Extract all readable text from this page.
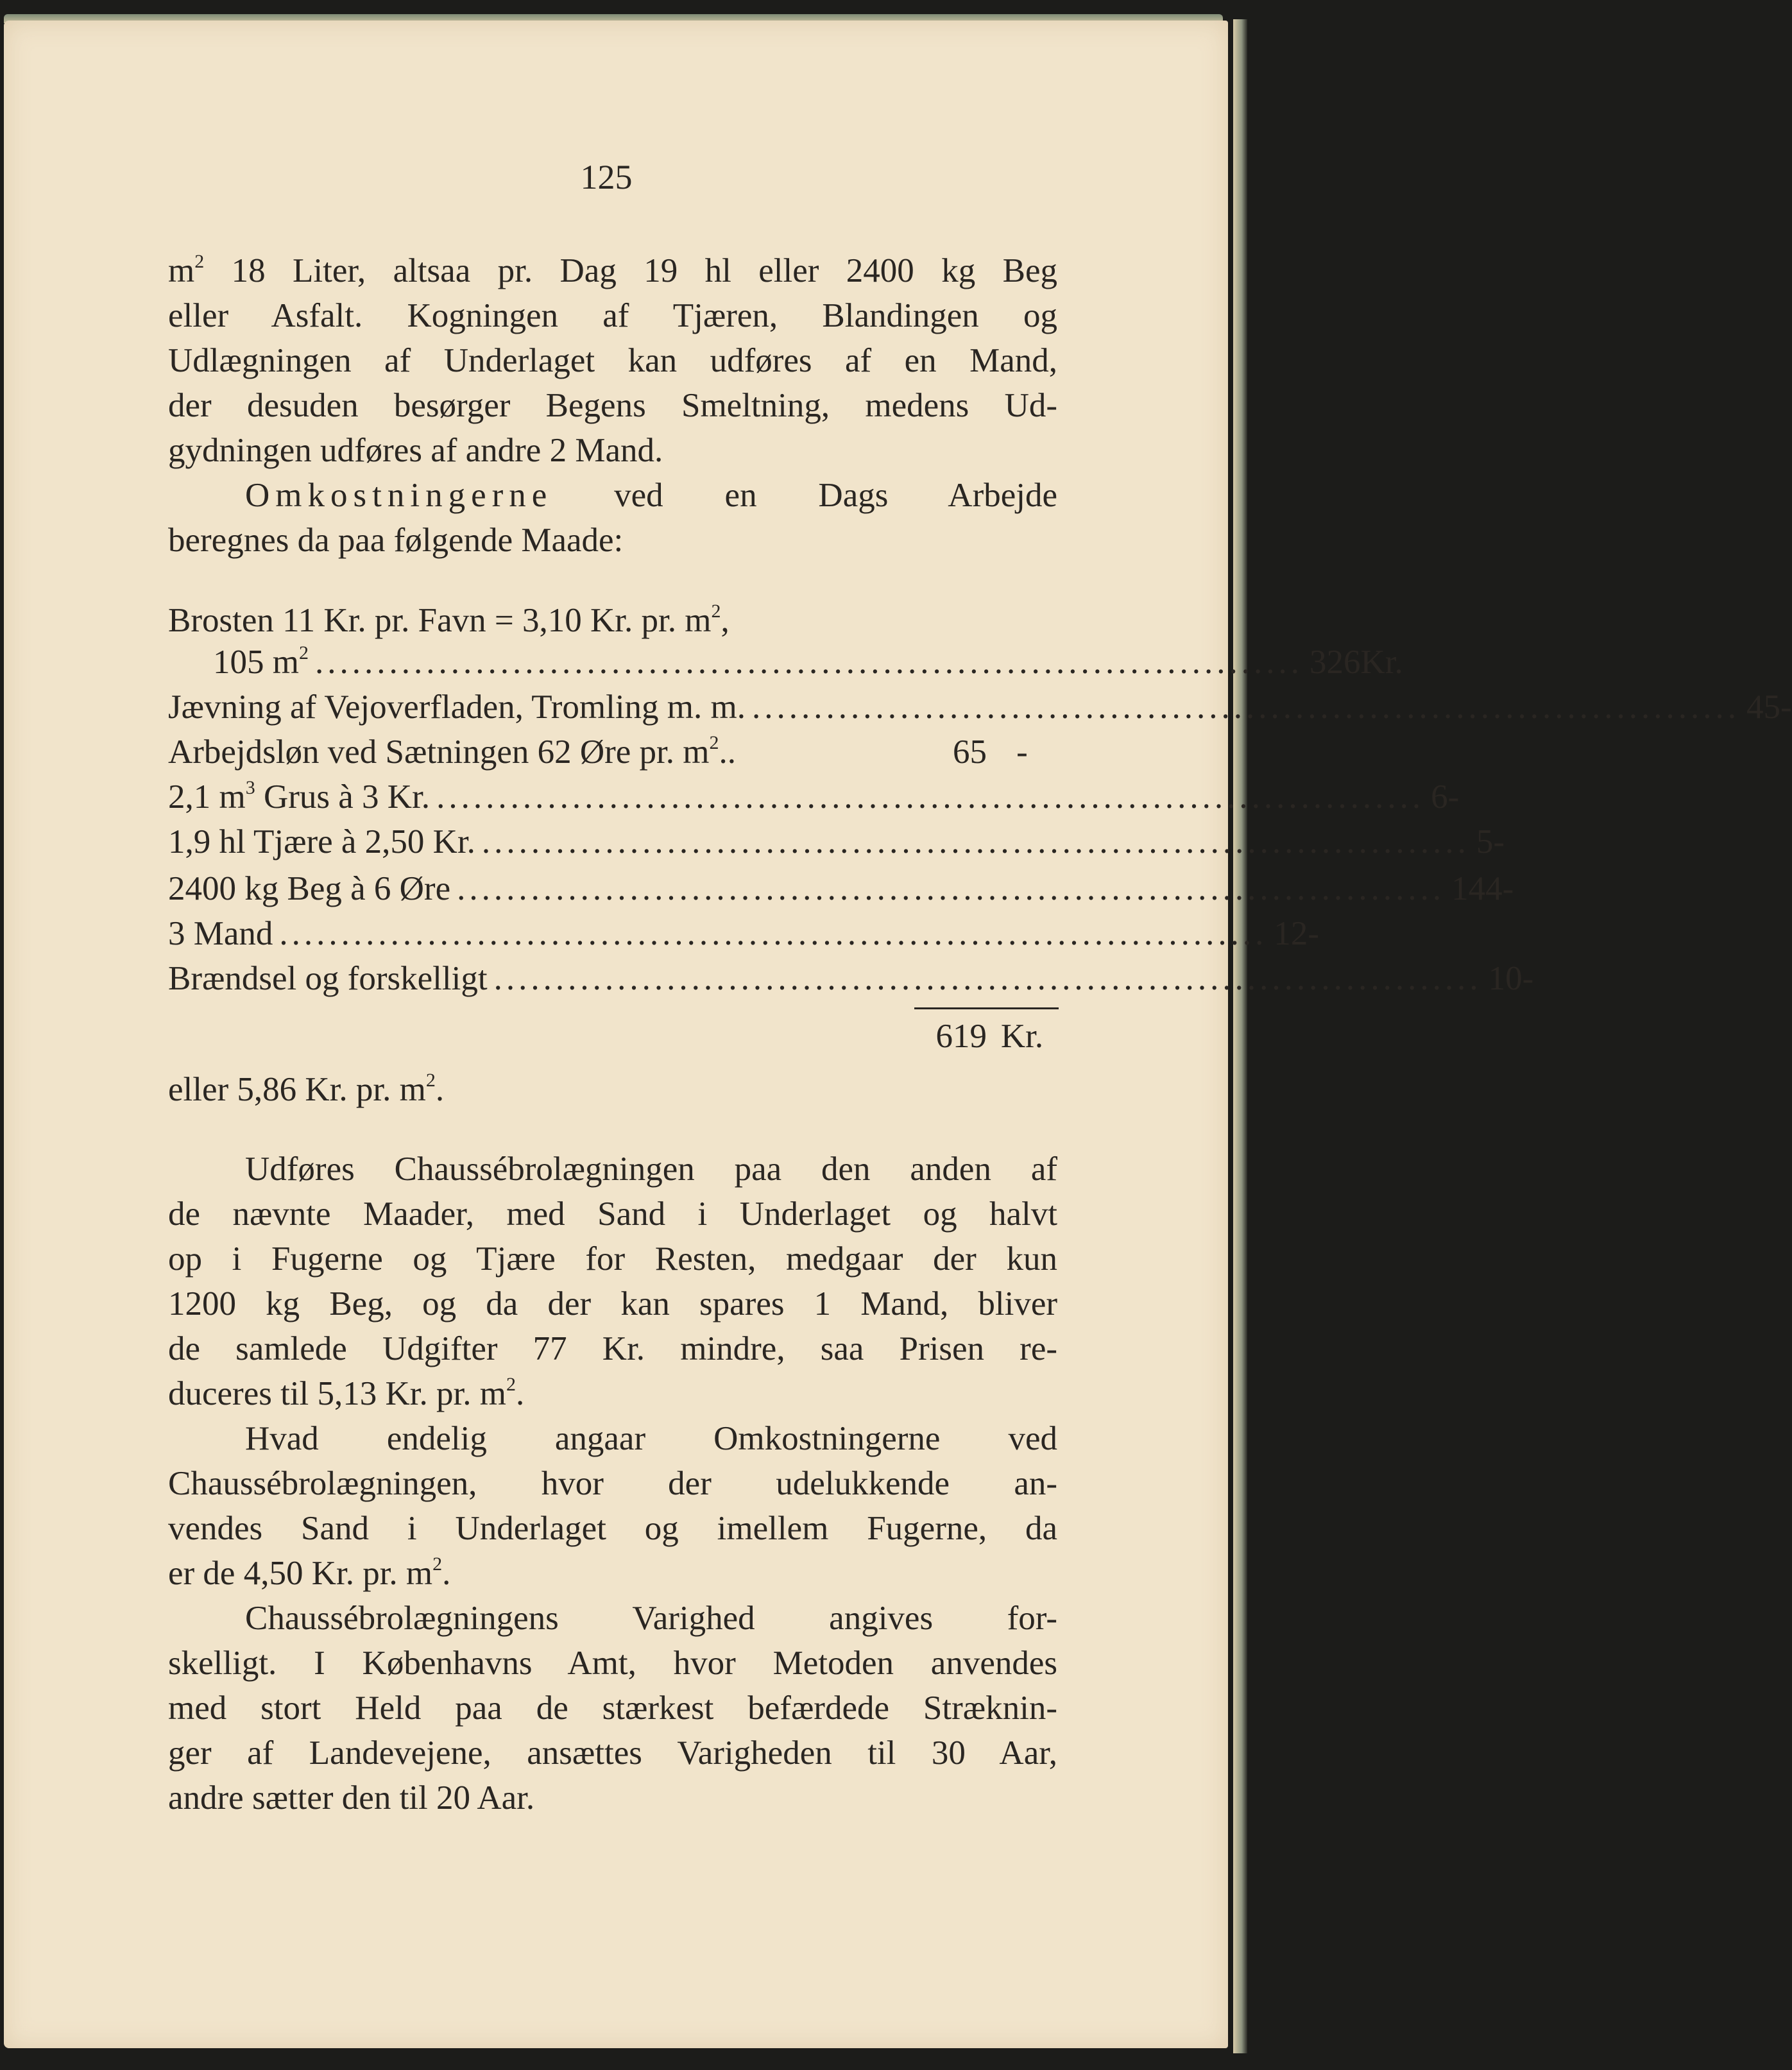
125
$m^2$ 18 Liter, altsaa pr. Dag 19 hl eller 2400 kg Beg
eller Asfalt. Kogningen af Tjæren, Blandingen og
Udlægningen af Underlaget kan udføres af en Mand,
der desuden besørger Begens Smeltning, medens Ud-
gydningen udføres af andre 2 Mand.
Omkostningerne ved en Dags Arbejde
beregnes da paa følgende Maade:
Brosten 11 Kr. pr. Favn = 3,10 Kr. pr. $m^2$,
105 $m^2$ ................................................................................ 326 Kr.
Jævning af Vejoverfladen, Tromling m. m. ................................................................................ 45 -
Arbejdsløn ved Sætningen 62 Øre pr. $m^2$..	65 -
2,1 $m^3$ Grus à 3 Kr. ................................................................................ 6 -
1,9 hl Tjære à 2,50 Kr. ................................................................................ 5 -
2400 kg Beg à 6 Øre ................................................................................ 144 -
3 Mand ................................................................................ 12 -
Brændsel og forskelligt ................................................................................ 10 -
619 Kr.
eller 5,86 Kr. pr. $m^2$.
Udføres Chaussébrolægningen paa den anden af
de nævnte Maader, med Sand i Underlaget og halvt
op i Fugerne og Tjære for Resten, medgaar der kun
1200 kg Beg, og da der kan spares 1 Mand, bliver
de samlede Udgifter 77 Kr. mindre, saa Prisen re-
duceres til 5,13 Kr. pr. $m^2$.
Hvad endelig angaar Omkostningerne ved
Chaussébrolægningen, hvor der udelukkende an-
vendes Sand i Underlaget og imellem Fugerne, da
er de 4,50 Kr. pr. $m^2$.
Chaussébrolægningens Varighed angives for-
skelligt. I Københavns Amt, hvor Metoden anvendes
med stort Held paa de stærkest befærdede Stræknin-
ger af Landevejene, ansættes Varigheden til 30 Aar,
andre sætter den til 20 Aar.
